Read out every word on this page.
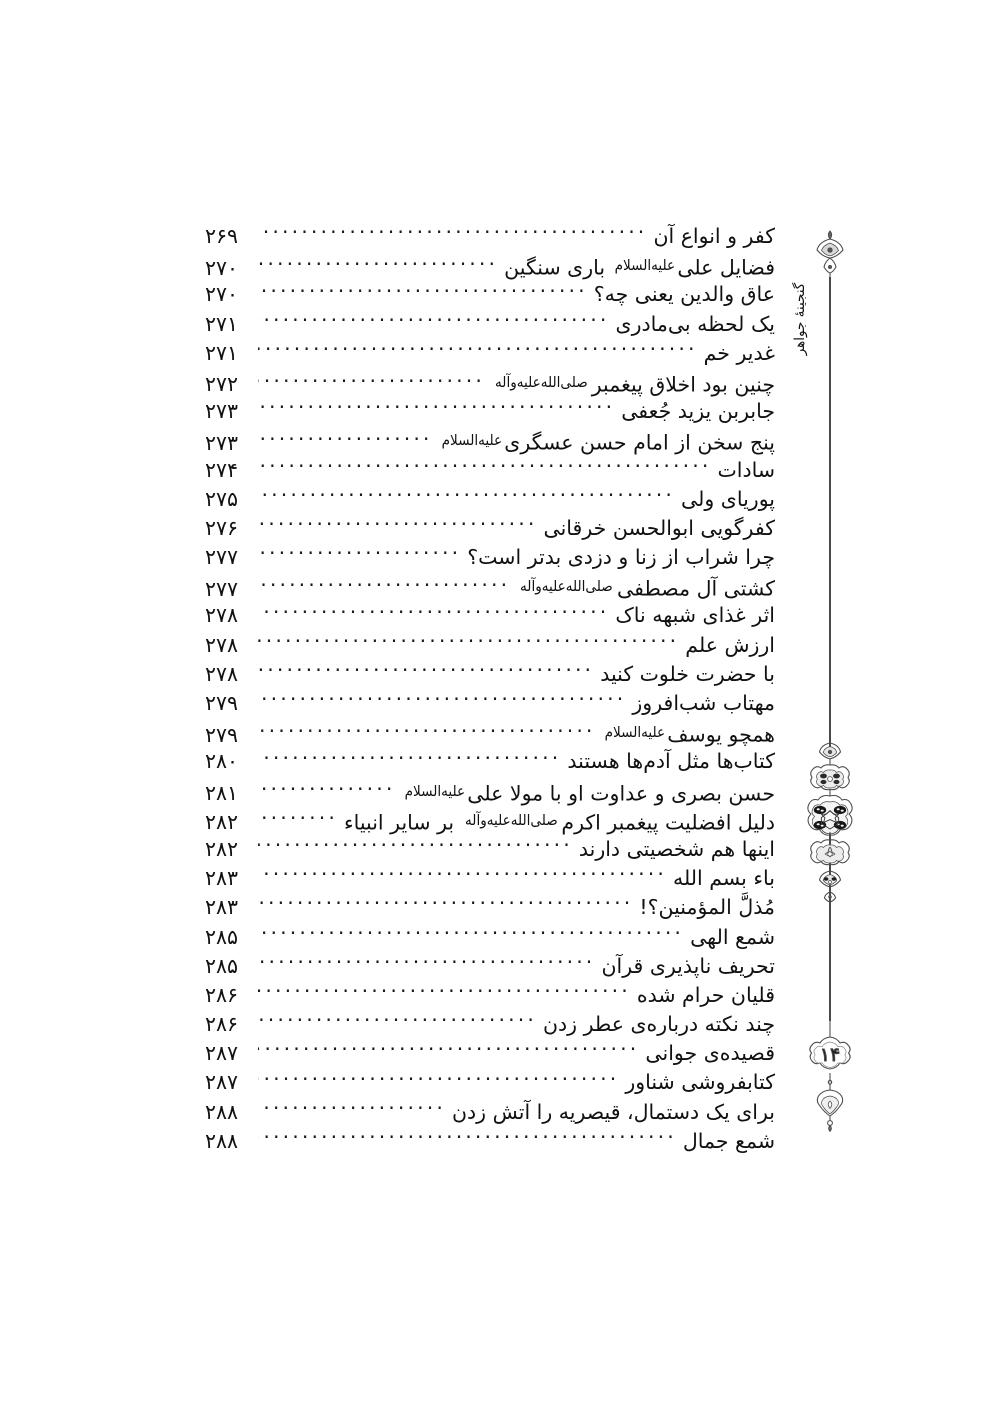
کفر و انواع آن
.....
۲۶۹
فضایل علیعلیه‌السلام باری سنگین
.....
۲۷۰
عاق والدین یعنی چه؟
.....
۲۷۰
یک لحظه بی‌مادری
.....
۲۷۱
غدیر خم
.....
۲۷۱
چنین بود اخلاق پیغمبرصلی‌الله‌علیه‌وآله
.....
۲۷۲
جابربن یزید جُعفی
.....
۲۷۳
پنج سخن از امام حسن عسگریعلیه‌السلام
.....
۲۷۳
سادات
.....
۲۷۴
پوریای ولی
.....
۲۷۵
کفرگویی ابوالحسن خرقانی
.....
۲۷۶
چرا شراب از زنا و دزدی بدتر است؟
.....
۲۷۷
کشتی آل مصطفیصلی‌الله‌علیه‌وآله
.....
۲۷۷
اثر غذای شبهه ناک
.....
۲۷۸
ارزش علم
.....
۲۷۸
با حضرت خلوت کنید
.....
۲۷۸
مهتاب شب‌افروز
.....
۲۷۹
همچو یوسفعلیه‌السلام
.....
۲۷۹
کتاب‌ها مثل آدم‌ها هستند
.....
۲۸۰
حسن بصری و عداوت او با مولا علیعلیه‌السلام
.....
۲۸۱
دلیل افضلیت پیغمبر اکرمصلی‌الله‌علیه‌وآله بر سایر انبیاء
.....
۲۸۲
اینها هم شخصیتی دارند
.....
۲۸۲
باء بسم الله
.....
۲۸۳
مُذلَّ المؤمنین؟!
.....
۲۸۳
شمع الهی
.....
۲۸۵
تحریف ناپذیری قرآن
.....
۲۸۵
قلیان حرام شده
.....
۲۸۶
چند نکته درباره‌ی عطر زدن
.....
۲۸۶
قصیده‌ی جوانی
.....
۲۸۷
کتابفروشی شناور
.....
۲۸۷
برای یک دستمال، قیصریه را آتش زدن
.....
۲۸۸
شمع جمال
.....
۲۸۸
گنجینهٔ جواهر
۱۴
